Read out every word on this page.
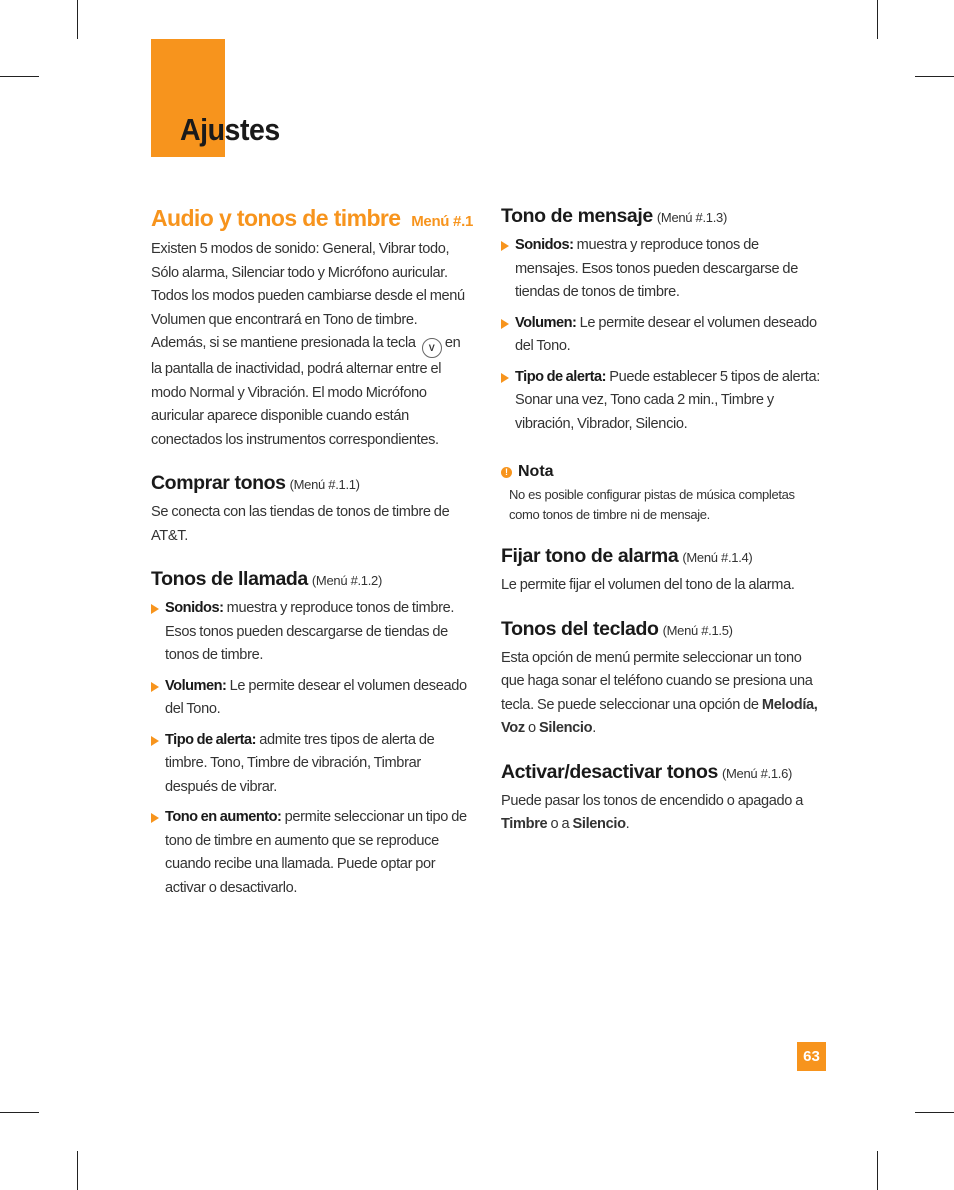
Ajustes
Audio y tonos de timbre Menú #.1

Existen 5 modos de sonido: General, Vibrar todo, Sólo alarma, Silenciar todo y Micrófono auricular. Todos los modos pueden cambiarse desde el menú Volumen que encontrará en Tono de timbre. Además, si se mantiene presionada la tecla V en la pantalla de inactividad, podrá alternar entre el modo Normal y Vibración. El modo Micrófono auricular aparece disponible cuando están conectados los instrumentos correspondientes.

Comprar tonos (Menú #.1.1)

Se conecta con las tiendas de tonos de timbre de AT&T.

Tonos de llamada (Menú #.1.2)
Sonidos: muestra y reproduce tonos de timbre. Esos tonos pueden descargarse de tiendas de tonos de timbre.
Volumen: Le permite desear el volumen deseado del Tono.
Tipo de alerta: admite tres tipos de alerta de timbre. Tono, Timbre de vibración, Timbrar después de vibrar.
Tono en aumento: permite seleccionar un tipo de tono de timbre en aumento que se reproduce cuando recibe una llamada. Puede optar por activar o desactivarlo.
Tono de mensaje (Menú #.1.3)
Sonidos: muestra y reproduce tonos de mensajes. Esos tonos pueden descargarse de tiendas de tonos de timbre.
Volumen: Le permite desear el volumen deseado del Tono.
Tipo de alerta: Puede establecer 5 tipos de alerta: Sonar una vez, Tono cada 2 min., Timbre y vibración, Vibrador, Silencio.
! Nota

No es posible configurar pistas de música completas como tonos de timbre ni de mensaje.

Fijar tono de alarma (Menú #.1.4)

Le permite fijar el volumen del tono de la alarma.

Tonos del teclado (Menú #.1.5)

Esta opción de menú permite seleccionar un tono que haga sonar el teléfono cuando se presiona una tecla. Se puede seleccionar una opción de Melodía, Voz o Silencio.

Activar/desactivar tonos (Menú #.1.6)

Puede pasar los tonos de encendido o apagado a Timbre o a Silencio.

63
